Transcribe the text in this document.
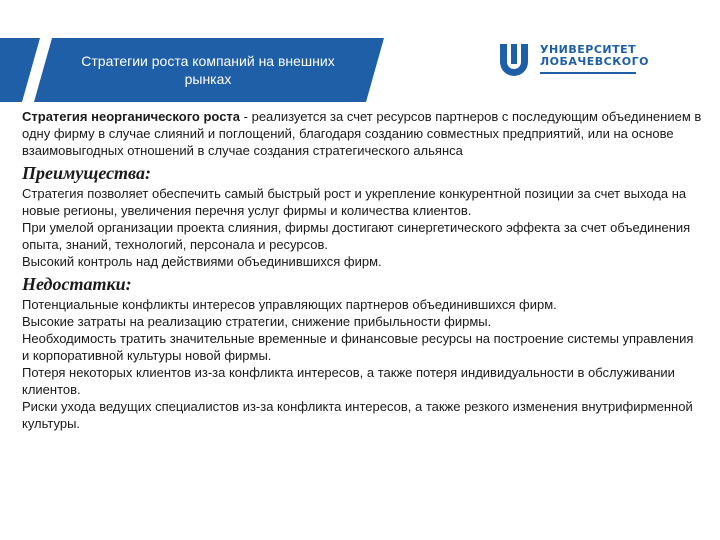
Стратегии роста компаний на внешних рынках
УНИВЕРСИТЕТ
ЛОБАЧЕВСКОГО

Стратегия неорганического роста - реализуется за счет ресурсов партнеров с последующим объединением в одну фирму в случае слияний и поглощений, благодаря созданию совместных предприятий, или на основе взаимовыгодных отношений в случае создания стратегического альянса

Преимущества:
Стратегия позволяет обеспечить самый быстрый рост и укрепление конкурентной позиции за счет выхода на новые регионы, увеличения перечня услуг фирмы и количества клиентов.
При умелой организации проекта слияния, фирмы достигают синергетического эффекта за счет объединения опыта, знаний, технологий, персонала и ресурсов.
Высокий контроль над действиями объединившихся фирм.
Недостатки:
Потенциальные конфликты интересов управляющих партнеров объединившихся фирм.
Высокие затраты на реализацию стратегии, снижение прибыльности фирмы.
Необходимость тратить значительные временные и финансовые ресурсы на построение системы управления и корпоративной культуры новой фирмы.
Потеря некоторых клиентов из-за конфликта интересов, а также потеря индивидуальности в обслуживании клиентов.
Риски ухода ведущих специалистов из-за конфликта интересов, а также резкого изменения внутрифирменной культуры.
